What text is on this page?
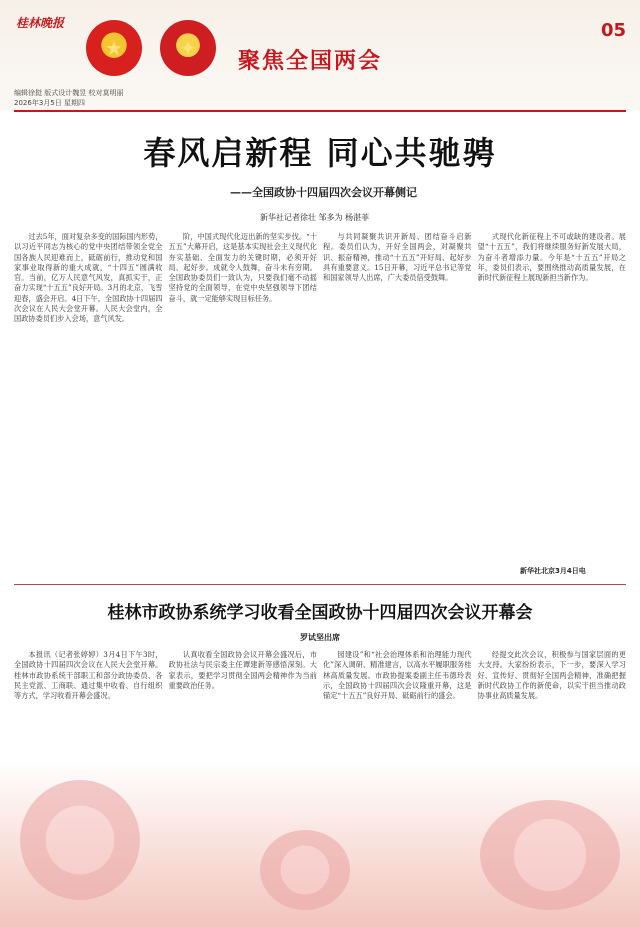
桂林晚报
★	✦	聚焦全国两会
05
编辑徐挺 版式设计魏昱 校对莫明丽
2026年3月5日 星期四
春风启新程 同心共驰骋
——全国政协十四届四次会议开幕侧记
新华社记者徐壮 邹多为 杨湛菲

过去5年，面对复杂多变的国际国内形势，以习近平同志为核心的党中央团结带领全党全国各族人民迎难而上，砥砺前行，推动党和国家事业取得新的重大成就，“十四五”圆满收官。当前，亿万人民意气风发，真抓实干，正奋力实现“十五五”良好开局。3月的北京，飞雪迎春，盛会开启。4日下午，全国政协十四届四次会议在人民大会堂开幕。人民大会堂内，全国政协委员们步入会场，意气风发。

阶，中国式现代化迈出新的坚实步伐。“十五五”大幕开启，这是基本实现社会主义现代化夯实基础、全面发力的关键时期，必须开好局、起好步。成就令人鼓舞，奋斗未有穷期。全国政协委员们一致认为，只要我们毫不动摇坚持党的全面领导，在党中央坚强领导下团结奋斗，就一定能够实现目标任务。

与共同凝聚共识开新局、团结奋斗启新程。委员们认为，开好全国两会，对凝聚共识、振奋精神，推动“十五五”开好局、起好步具有重要意义。15日开幕，习近平总书记等党和国家领导人出席，广大委员倍受鼓舞。

式现代化新征程上不可或缺的建设者。展望“十五五”，我们将继续服务好新发展大局，为奋斗者增添力量。今年是“十五五”开局之年，委员们表示，要围绕推动高质量发展，在新时代新征程上展现新担当新作为。

新华社北京3月4日电
桂林市政协系统学习收看全国政协十四届四次会议开幕会
罗试坚出席

本报讯（记者张婷婷）3月4日下午3时，全国政协十四届四次会议在人民大会堂开幕。桂林市政协系统干部职工和部分政协委员、各民主党派、工商联、通过集中收看、自行组织等方式，学习收看开幕会盛况。

认真收看全国政协会议开幕会盛况后，市政协社法与民宗委主任谭建新等感悟深刻。大家表示，要把学习贯彻全国两会精神作为当前重要政治任务。

园建设”和“社会治理体系和治理能力现代化”深入调研、精准建言，以高水平履职服务桂林高质量发展。市政协提案委副主任韦德玲表示，全国政协十四届四次会议隆重开幕，这是锚定“十五五”良好开局、砥砺前行的盛会。

经提交此次会议，积极参与国家层面的更大支持。大家纷纷表示，下一步，要深入学习好、宣传好、贯彻好全国两会精神，准确把握新时代政协工作的新使命，以实干担当推动政协事业高质量发展。
